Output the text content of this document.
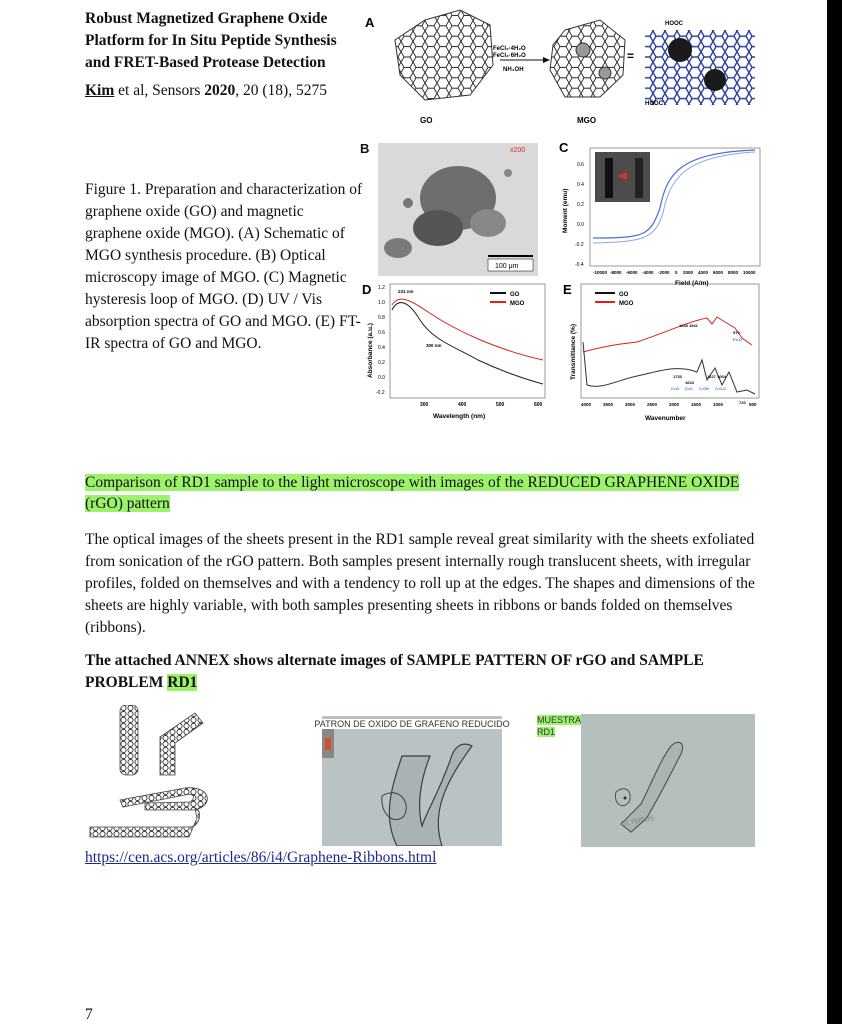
Robust Magnetized Graphene Oxide Platform for In Situ Peptide Synthesis and FRET-Based Protease Detection
Kim et al, Sensors 2020, 20 (18), 5275
A
GO
FeCl₂·4H₂O
FeCl₃·6H₂O
NH₄OH
MGO
=
HOOC
HOOC
Figure 1. Preparation and characterization of graphene oxide (GO) and magnetic graphene oxide (MGO). (A) Schematic of MGO synthesis procedure. (B) Optical microscopy image of MGO. (C) Magnetic hysteresis loop of MGO. (D) UV / Vis absorption spectra of GO and MGO. (E) FT- IR spectra of GO and MGO.
B	x200
100 μm
C
Moment (emu)
0.6
0.4
0.2
0.0
-0.2
-0.4
-10000 -8000 -6000 -4000 -2000 0 2000 4000 6000 8000 10000
Field (A/m)
D
Absorbance (a.u.)
1.2
1.0
0.8
0.6
0.4
0.2
0.0
-0.2
231 nm
300 nm
GO
MGO
300	400	500	600
Wavelength (nm)
E
Transmittance (%)
GO
MGO
1643 1541
570
Fe-O
1733
1624
1227 1064
C=O C=C C-OH C-O-C
720
4000	3500	3000	2500	2000	1500	1000	500
Wavenumber
Comparison of RD1 sample to the light microscope with images of the REDUCED GRAPHENE OXIDE (rGO) pattern
The optical images of the sheets present in the RD1 sample reveal great similarity with the sheets exfoliated from sonication of the rGO pattern. Both samples present internally rough translucent sheets, with irregular profiles, folded on themselves and with a tendency to roll up at the edges. The shapes and dimensions of the sheets are highly variable, with both samples presenting sheets in ribbons or bands folded on themselves (ribbons).
The attached ANNEX shows alternate images of SAMPLE PATTERN OF rGO and SAMPLE PROBLEM RD1
PATRON DE OXIDO DE GRAFENO REDUCIDO	MUESTRA
RD1
OLYMPUS
https://cen.acs.org/articles/86/i4/Graphene-Ribbons.html
7
